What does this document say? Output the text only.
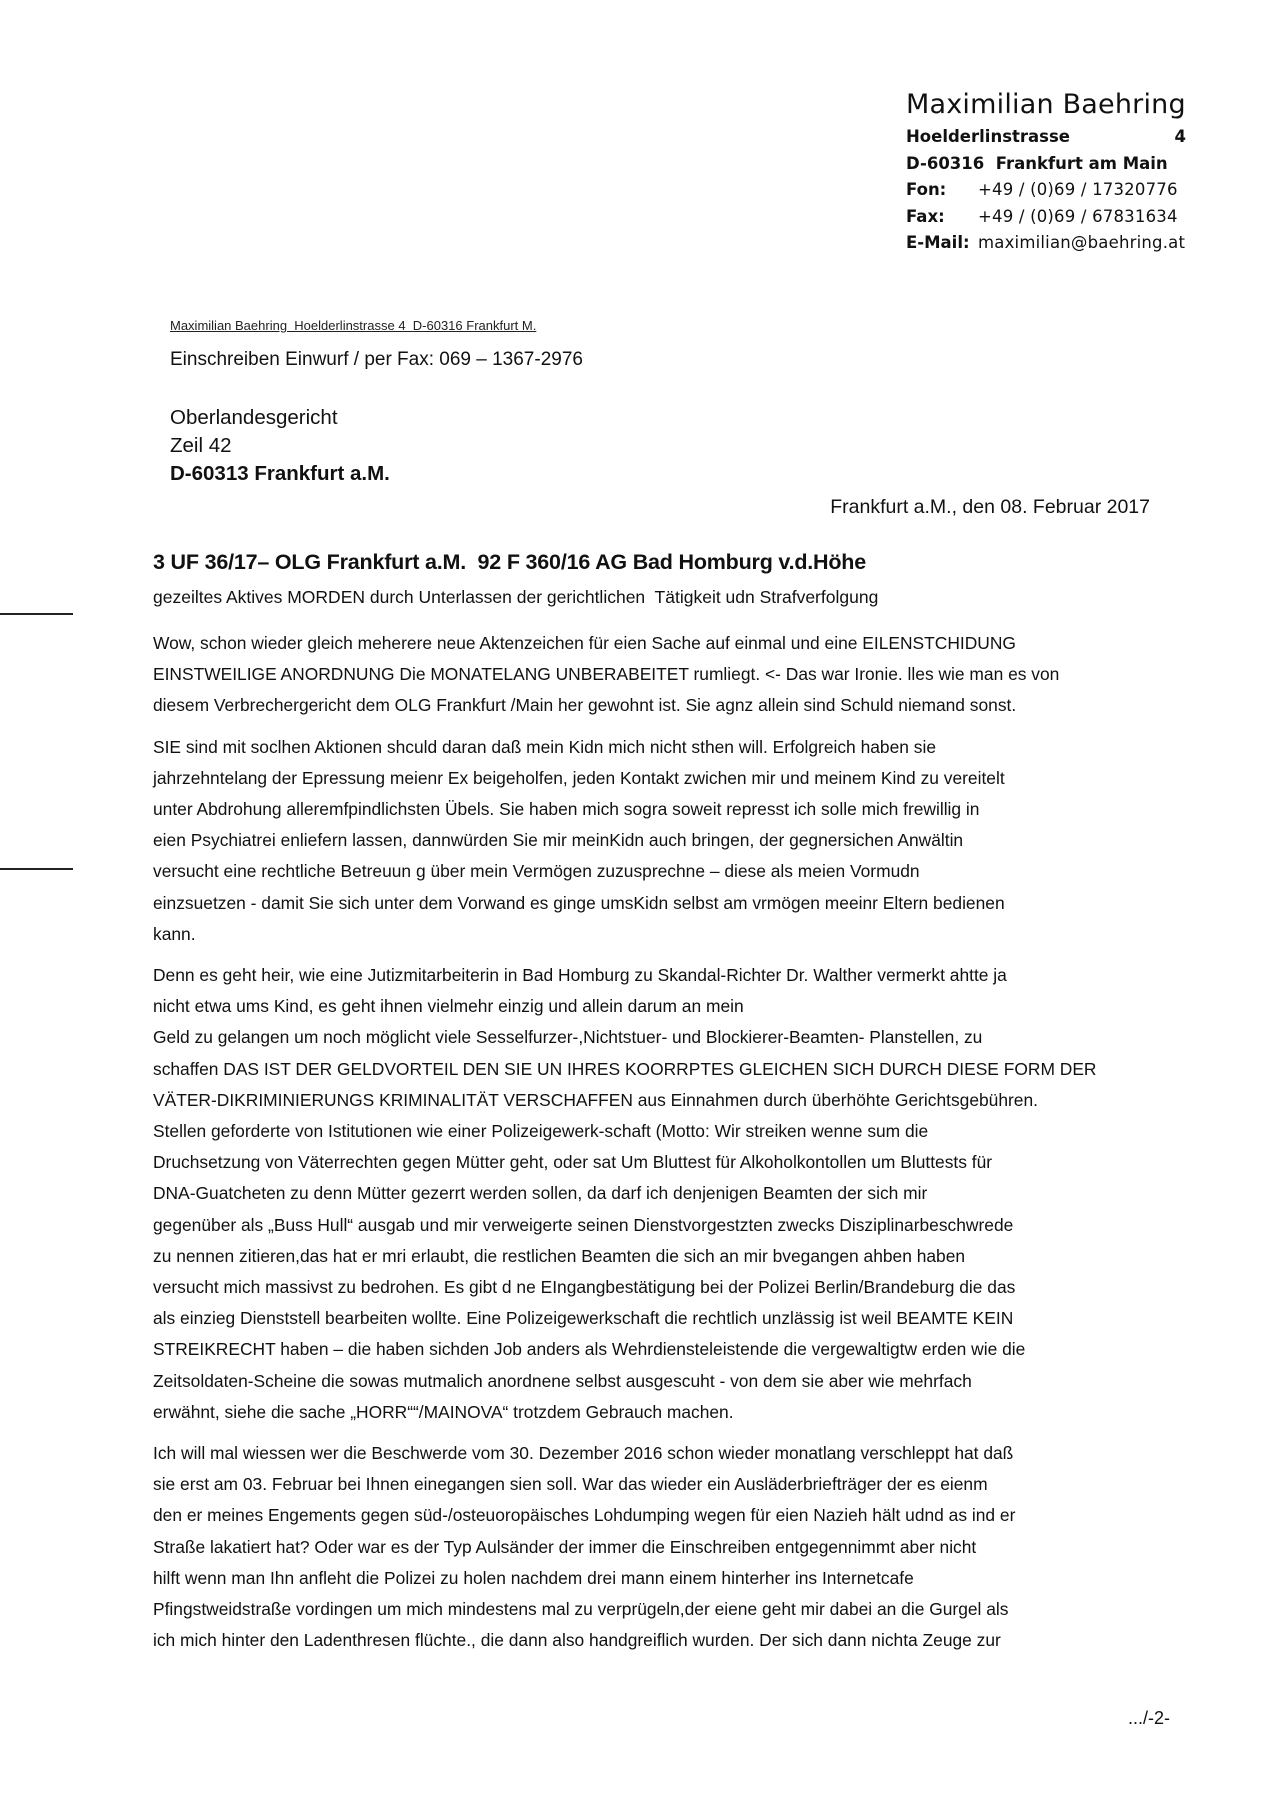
Maximilian Baehring
Hoelderlinstrasse	4
D-60316  Frankfurt am Main
Fon:	+49 / (0)69 / 17320776
Fax:	+49 / (0)69 / 67831634
E-Mail: maximilian@baehring.at
Maximilian Baehring  Hoelderlinstrasse 4  D-60316 Frankfurt M.
Einschreiben Einwurf / per Fax: 069 – 1367-2976
Oberlandesgericht
Zeil 42
D-60313 Frankfurt a.M.
Frankfurt a.M., den 08. Februar 2017
3 UF 36/17– OLG Frankfurt a.M.  92 F 360/16 AG Bad Homburg v.d.Höhe
gezeiltes Aktives MORDEN durch Unterlassen der gerichtlichen  Tätigkeit udn Strafverfolgung

Wow, schon wieder gleich meherere neue Aktenzeichen für eien Sache auf einmal und eine EILENSTCHIDUNG
EINSTWEILIGE ANORDNUNG Die MONATELANG UNBERABEITET rumliegt. <- Das war Ironie. lles wie man es von
diesem Verbrechergericht dem OLG Frankfurt /Main her gewohnt ist. Sie agnz allein sind Schuld niemand sonst.

SIE sind mit soclhen Aktionen shculd daran daß mein Kidn mich nicht sthen will. Erfolgreich haben sie
jahrzehntelang der Epressung meienr Ex beigeholfen, jeden Kontakt zwichen mir und meinem Kind zu vereitelt
unter Abdrohung alleremfpindlichsten Übels. Sie haben mich sogra soweit represst ich solle mich frewillig in
eien Psychiatrei enliefern lassen, dannwürden Sie mir meinKidn auch bringen, der gegnersichen Anwältin
versucht eine rechtliche Betreuun g über mein Vermögen zuzusprechne – diese als meien Vormudn
einzsuetzen - damit Sie sich unter dem Vorwand es ginge umsKidn selbst am vrmögen meeinr Eltern bedienen
kann.

Denn es geht heir, wie eine Jutizmitarbeiterin in Bad Homburg zu Skandal-Richter Dr. Walther vermerkt ahtte ja
nicht etwa ums Kind, es geht ihnen vielmehr einzig und allein darum an mein
Geld zu gelangen um noch möglicht viele Sesselfurzer-,Nichtstuer- und Blockierer-Beamten- Planstellen, zu
schaffen DAS IST DER GELDVORTEIL DEN SIE UN IHRES KOORRPTES GLEICHEN SICH DURCH DIESE FORM DER
VÄTER-DIKRIMINIERUNGS KRIMINALITÄT VERSCHAFFEN aus Einnahmen durch überhöhte Gerichtsgebühren.
Stellen geforderte von Istitutionen wie einer Polizeigewerk-schaft (Motto: Wir streiken wenne sum die
Druchsetzung von Väterrechten gegen Mütter geht, oder sat Um Bluttest für Alkoholkontollen um Bluttests für
DNA-Guatcheten zu denn Mütter gezerrt werden sollen, da darf ich denjenigen Beamten der sich mir
gegenüber als „Buss Hull“ ausgab und mir verweigerte seinen Dienstvorgestzten zwecks Disziplinarbeschwrede
zu nennen zitieren,das hat er mri erlaubt, die restlichen Beamten die sich an mir bvegangen ahben haben
versucht mich massivst zu bedrohen. Es gibt d ne EIngangbestätigung bei der Polizei Berlin/Brandeburg die das
als einzieg Dienststell bearbeiten wollte. Eine Polizeigewerkschaft die rechtlich unzlässig ist weil BEAMTE KEIN
STREIKRECHT haben – die haben sichden Job anders als Wehrdiensteleistende die vergewaltigtw erden wie die
Zeitsoldaten-Scheine die sowas mutmalich anordnene selbst ausgescuht - von dem sie aber wie mehrfach
erwähnt, siehe die sache „HORR““/MAINOVA“ trotzdem Gebrauch machen.

Ich will mal wiessen wer die Beschwerde vom 30. Dezember 2016 schon wieder monatlang verschleppt hat daß
sie erst am 03. Februar bei Ihnen einegangen sien soll. War das wieder ein Ausläderbriefträger der es eienm
den er meines Engements gegen süd-/osteuoropäisches Lohdumping wegen für eien Nazieh hält udnd as ind er
Straße lakatiert hat? Oder war es der Typ Aulsänder der immer die Einschreiben entgegennimmt aber nicht
hilft wenn man Ihn anfleht die Polizei zu holen nachdem drei mann einem hinterher ins Internetcafe
Pfingstweidstraße vordingen um mich mindestens mal zu verprügeln,der eiene geht mir dabei an die Gurgel als
ich mich hinter den Ladenthresen flüchte., die dann also handgreiflich wurden. Der sich dann nichta Zeuge zur

.../-2-
